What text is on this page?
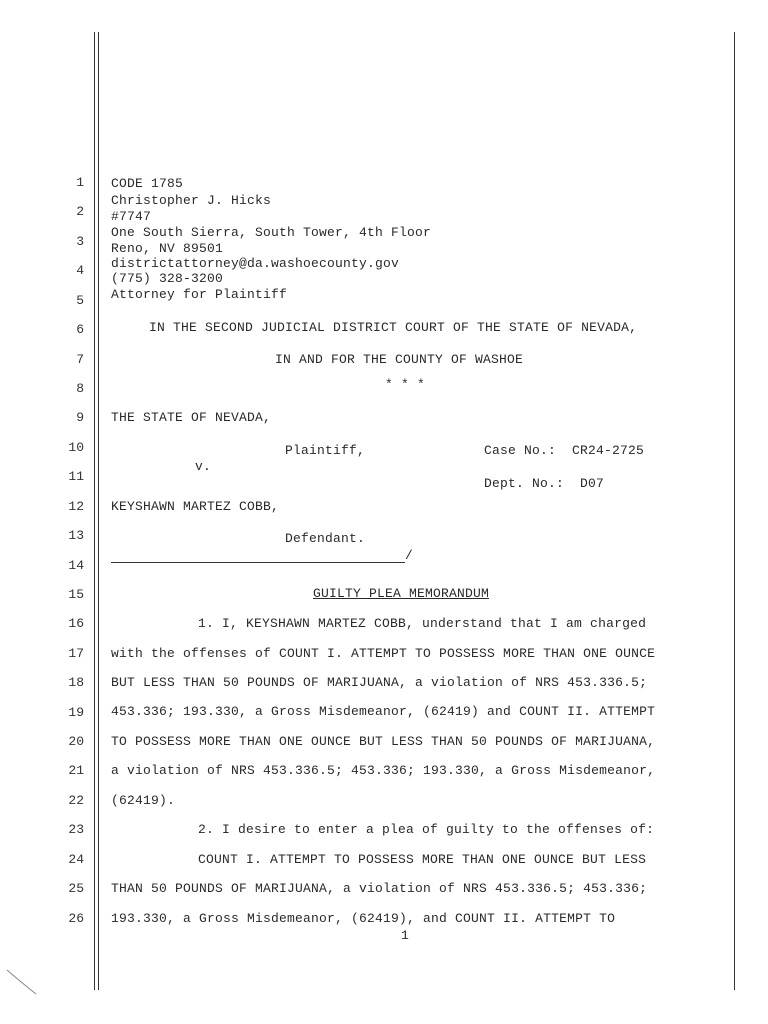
1
2
3
4
5
6
7
8
9
10
11
12
13
14
15
16
17
18
19
20
21
22
23
24
25
26
CODE 1785
Christopher J. Hicks
#7747
One South Sierra, South Tower, 4th Floor
Reno, NV 89501
districtattorney@da.washoecounty.gov
(775) 328-3200
Attorney for Plaintiff
IN THE SECOND JUDICIAL DISTRICT COURT OF THE STATE OF NEVADA,
IN AND FOR THE COUNTY OF WASHOE
* * *
THE STATE OF NEVADA,
Plaintiff,	Case No.:  CR24-2725
v.
Dept. No.:  D07
KEYSHAWN MARTEZ COBB,
Defendant.
/
GUILTY PLEA MEMORANDUM
1. I, KEYSHAWN MARTEZ COBB, understand that I am charged
with the offenses of COUNT I. ATTEMPT TO POSSESS MORE THAN ONE OUNCE
BUT LESS THAN 50 POUNDS OF MARIJUANA, a violation of NRS 453.336.5;
453.336; 193.330, a Gross Misdemeanor, (62419) and COUNT II. ATTEMPT
TO POSSESS MORE THAN ONE OUNCE BUT LESS THAN 50 POUNDS OF MARIJUANA,
a violation of NRS 453.336.5; 453.336; 193.330, a Gross Misdemeanor,
(62419).
2. I desire to enter a plea of guilty to the offenses of:
COUNT I. ATTEMPT TO POSSESS MORE THAN ONE OUNCE BUT LESS
THAN 50 POUNDS OF MARIJUANA, a violation of NRS 453.336.5; 453.336;
193.330, a Gross Misdemeanor, (62419), and COUNT II. ATTEMPT TO
1
